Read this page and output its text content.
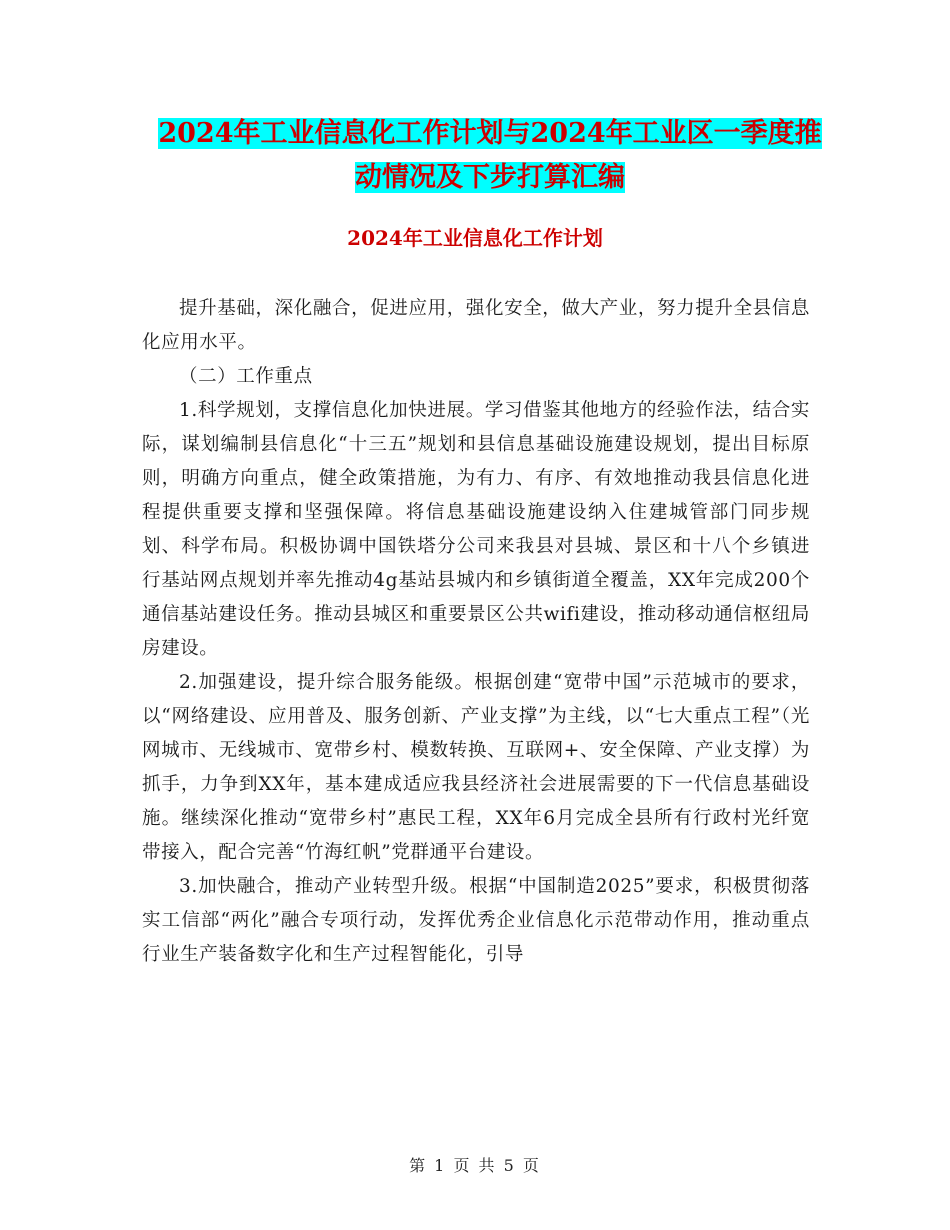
2024年工业信息化工作计划与2024年工业区一季度推
动情况及下步打算汇编
2024年工业信息化工作计划

提升基础，深化融合，促进应用，强化安全，做大产业，努力提升全县信息化应用水平。

（二）工作重点

1.科学规划，支撑信息化加快进展。学习借鉴其他地方的经验作法，结合实际，谋划编制县信息化“十三五”规划和县信息基础设施建设规划，提出目标原则，明确方向重点，健全政策措施，为有力、有序、有效地推动我县信息化进程提供重要支撑和坚强保障。将信息基础设施建设纳入住建城管部门同步规划、科学布局。积极协调中国铁塔分公司来我县对县城、景区和十八个乡镇进行基站网点规划并率先推动4g基站县城内和乡镇街道全覆盖，XX年完成200个通信基站建设任务。推动县城区和重要景区公共wifi建设，推动移动通信枢纽局房建设。

2.加强建设，提升综合服务能级。根据创建“宽带中国”示范城市的要求，以“网络建设、应用普及、服务创新、产业支撑”为主线，以“七大重点工程”（光网城市、无线城市、宽带乡村、模数转换、互联网+、安全保障、产业支撑）为抓手，力争到XX年，基本建成适应我县经济社会进展需要的下一代信息基础设施。继续深化推动“宽带乡村”惠民工程，XX年6月完成全县所有行政村光纤宽带接入，配合完善“竹海红帆”党群通平台建设。

3.加快融合，推动产业转型升级。根据“中国制造2025”要求，积极贯彻落实工信部“两化”融合专项行动，发挥优秀企业信息化示范带动作用，推动重点行业生产装备数字化和生产过程智能化，引导

第 1 页 共 5 页
